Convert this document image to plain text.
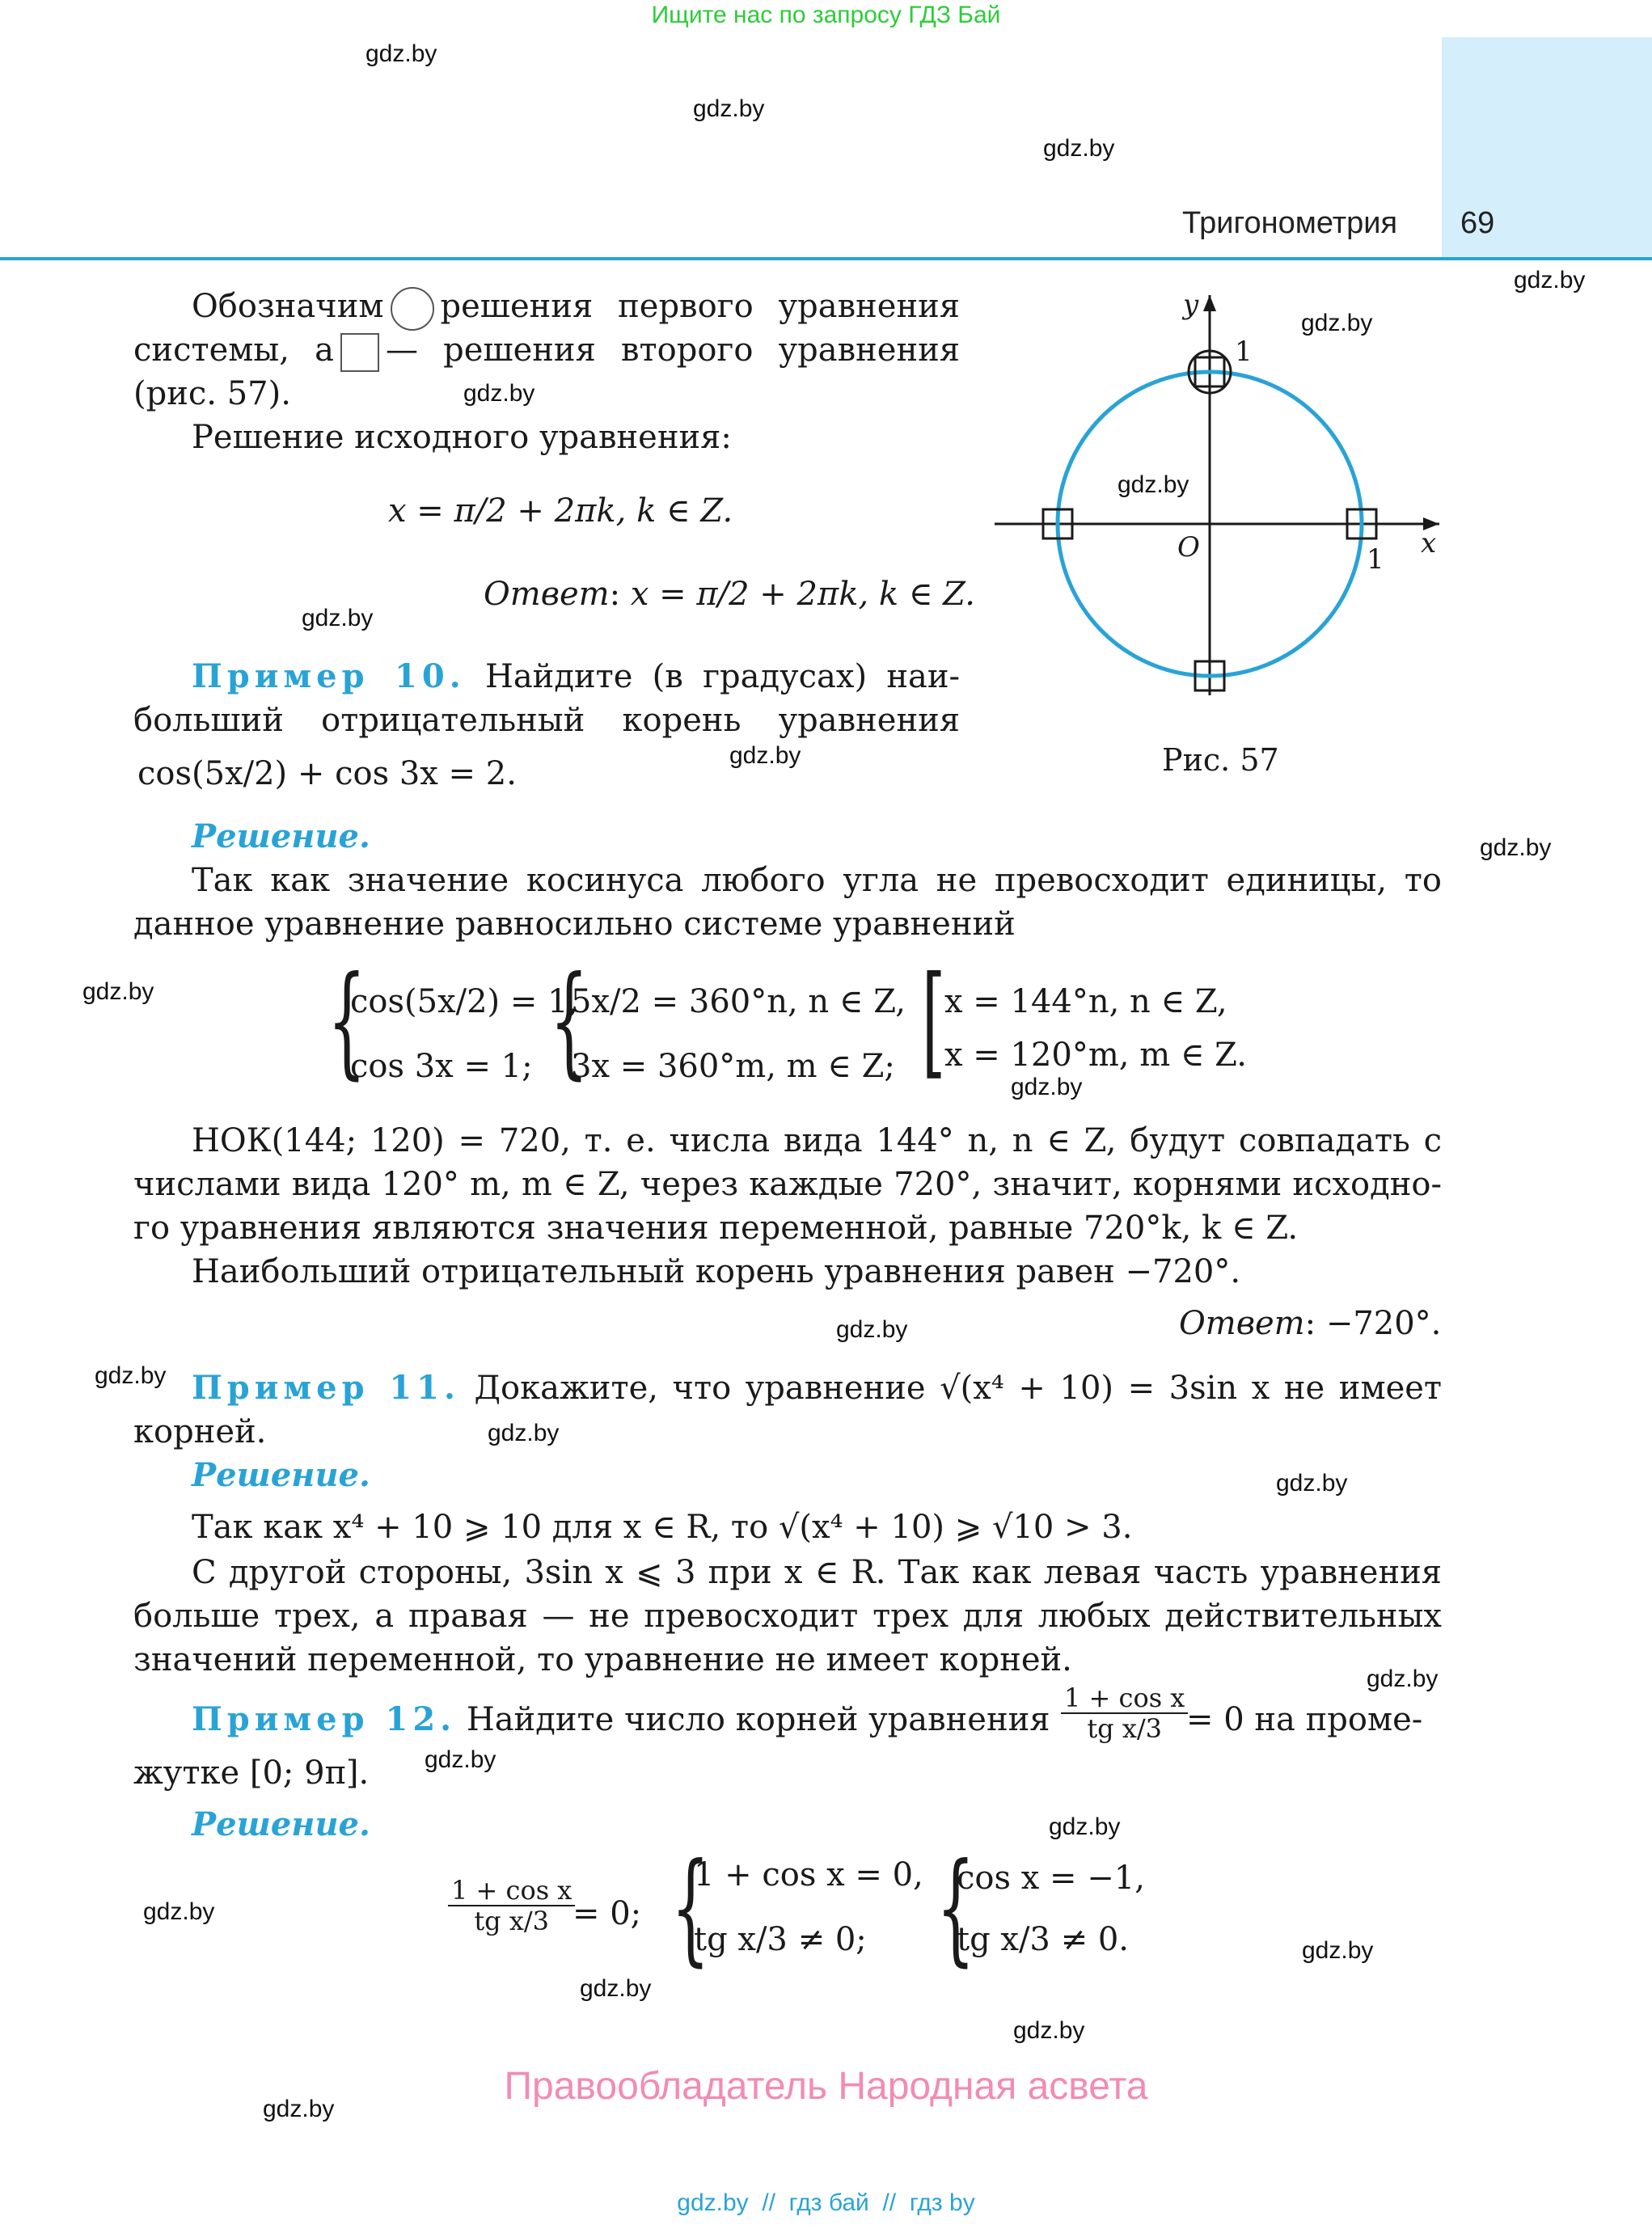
Ищите нас по запросу ГДЗ Бай
Тригонометрия 69
gdz.by
gdz.by
gdz.by
gdz.by
gdz.by
gdz.by
gdz.by
gdz.by
gdz.by
gdz.by
gdz.by
gdz.by
gdz.by
gdz.by
gdz.by
gdz.by
gdz.by
gdz.by
gdz.by
gdz.by
gdz.by
gdz.by
gdz.by
gdz.by
Обозначим решения первого уравнения
системы, а — решения второго уравнения
(рис. 57).
Решение исходного уравнения:
x = π/2 + 2πk, k ∈ Z.
Ответ: x = π/2 + 2πk, k ∈ Z.
y
1
O	x
1
Рис. 57
Пример 10. Найдите (в градусах) наи-
больший отрицательный корень уравнения
cos(5x/2) + cos 3x = 2.
Решение.
Так как значение косинуса любого угла не превосходит единицы, то
данное уравнение равносильно системе уравнений
{
cos(5x/2) = 1,
cos 3x = 1; {
5x/2 = 360°n, n ∈ Z,
3x = 360°m, m ∈ Z; [
x = 144°n, n ∈ Z,
x = 120°m, m ∈ Z.
НОК(144; 120) = 720, т. е. числа вида 144° n, n ∈ Z, будут совпадать с
числами вида 120° m, m ∈ Z, через каждые 720°, значит, корнями исходно-
го уравнения являются значения переменной, равные 720°k, k ∈ Z.
Наибольший отрицательный корень уравнения равен −720°.
Ответ: −720°.
Пример 11. Докажите, что уравнение √(x⁴ + 10) = 3sin x не имеет
корней.
Решение.
Так как x⁴ + 10 ⩾ 10 для x ∈ R, то √(x⁴ + 10) ⩾ √10 > 3.
С другой стороны, 3sin x ⩽ 3 при x ∈ R. Так как левая часть уравнения
больше трех, а правая — не превосходит трех для любых действительных
значений переменной, то уравнение не имеет корней.
Пример 12. Найдите число корней уравнения $\frac{\text{1 + cos x}}{\text{tg x/3}}$
= 0 на проме-
жутке [0; 9π].
Решение.
$\frac{\text{1 + cos x}}{\text{tg x/3}}$
= 0; {
1 + cos x = 0,
tg x/3 ≠ 0; {
cos x = −1,
tg x/3 ≠ 0.
Правообладатель Народная асвета
gdz.by  //  гдз бай  //  гдз by
